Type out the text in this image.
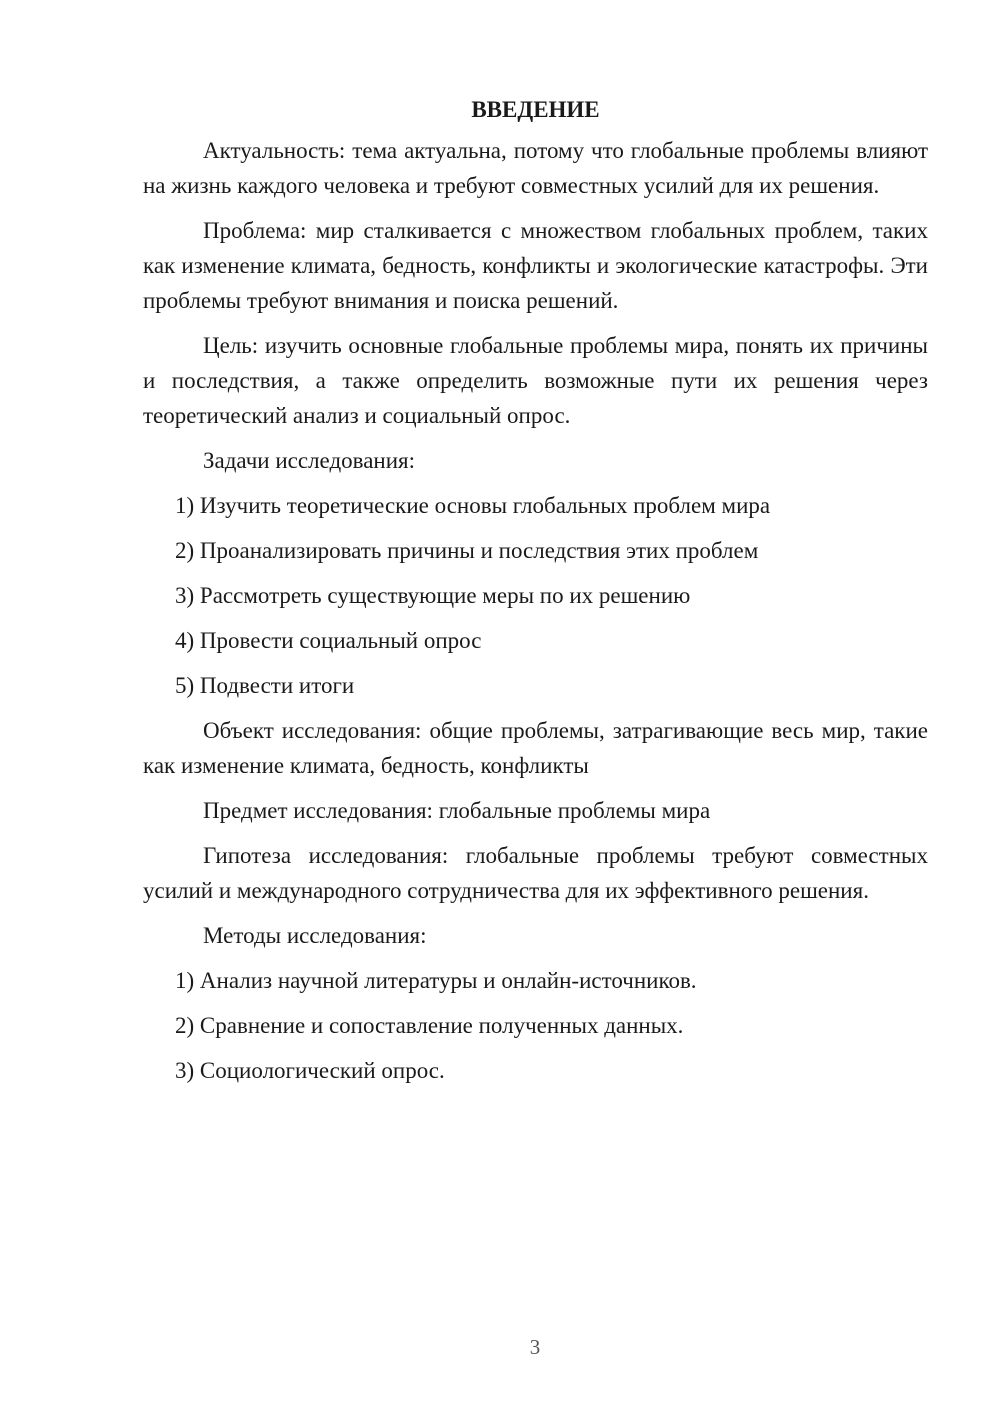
ВВЕДЕНИЕ

Актуальность: тема актуальна, потому что глобальные проблемы влияют на жизнь каждого человека и требуют совместных усилий для их решения.

Проблема: мир сталкивается с множеством глобальных проблем, таких как изменение климата, бедность, конфликты и экологические катастрофы. Эти проблемы требуют внимания и поиска решений.

Цель: изучить основные глобальные проблемы мира, понять их причины и последствия, а также определить возможные пути их решения через теоретический анализ и социальный опрос.

Задачи исследования:

1) Изучить теоретические основы глобальных проблем мира
2) Проанализировать причины и последствия этих проблем
3) Рассмотреть существующие меры по их решению
4) Провести социальный опрос
5) Подвести итоги

Объект исследования: общие проблемы, затрагивающие весь мир, такие как изменение климата, бедность, конфликты

Предмет исследования: глобальные проблемы мира

Гипотеза исследования: глобальные проблемы требуют совместных усилий и международного сотрудничества для их эффективного решения.

Методы исследования:

1) Анализ научной литературы и онлайн-источников.
2) Сравнение и сопоставление полученных данных.
3) Социологический опрос.
3
